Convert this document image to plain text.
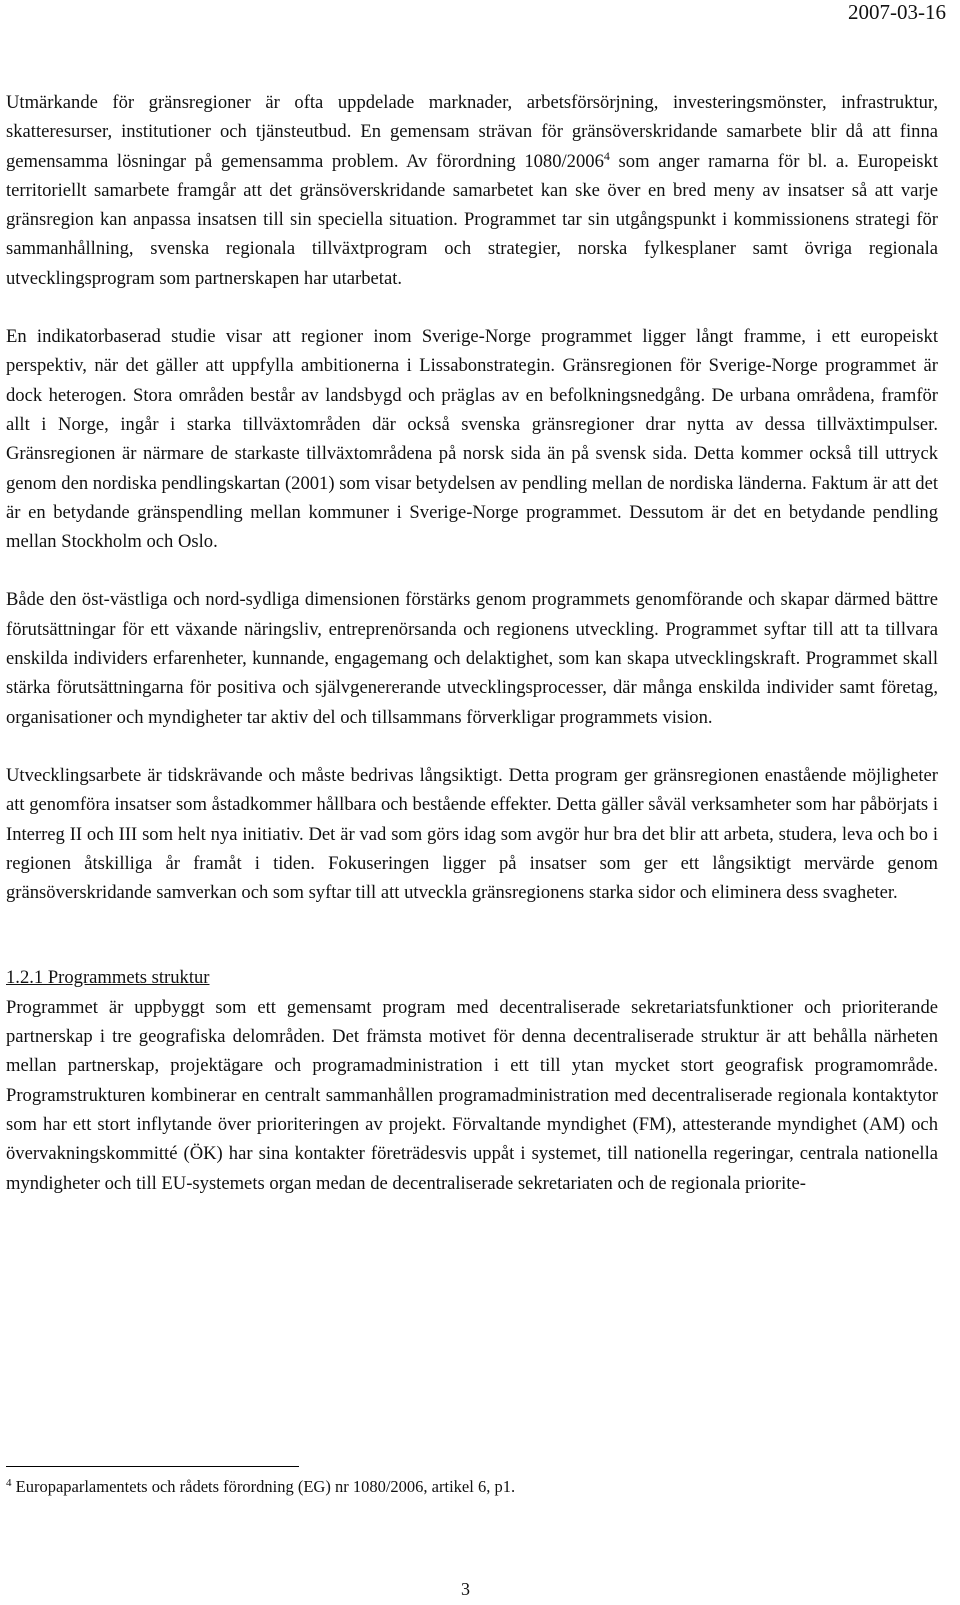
2007-03-16

Utmärkande för gränsregioner är ofta uppdelade marknader, arbetsförsörjning, investeringsmönster, infrastruktur, skatteresurser, institutioner och tjänsteutbud. En gemensam strävan för gränsöverskridande samarbete blir då att finna gemensamma lösningar på gemensamma problem. Av förordning 1080/2006$^4$ som anger ramarna för bl. a. Europeiskt territoriellt samarbete framgår att det gränsöverskridande samarbetet kan ske över en bred meny av insatser så att varje gränsregion kan anpassa insatsen till sin speciella situation. Programmet tar sin utgångspunkt i kommissionens strategi för sammanhållning, svenska regionala tillväxtprogram och strategier, norska fylkesplaner samt övriga regionala utvecklingsprogram som partnerskapen har utarbetat.

En indikatorbaserad studie visar att regioner inom Sverige-Norge programmet ligger långt framme, i ett europeiskt perspektiv, när det gäller att uppfylla ambitionerna i Lissabonstrategin. Gränsregionen för Sverige-Norge programmet är dock heterogen. Stora områden består av landsbygd och präglas av en befolkningsnedgång. De urbana områdena, framför allt i Norge, ingår i starka tillväxtområden där också svenska gränsregioner drar nytta av dessa tillväxtimpulser. Gränsregionen är närmare de starkaste tillväxtområdena på norsk sida än på svensk sida. Detta kommer också till uttryck genom den nordiska pendlingskartan (2001) som visar betydelsen av pendling mellan de nordiska länderna. Faktum är att det är en betydande gränspendling mellan kommuner i Sverige-Norge programmet. Dessutom är det en betydande pendling mellan Stockholm och Oslo.

Både den öst-västliga och nord-sydliga dimensionen förstärks genom programmets genomförande och skapar därmed bättre förutsättningar för ett växande näringsliv, entreprenörsanda och regionens utveckling. Programmet syftar till att ta tillvara enskilda individers erfarenheter, kunnande, engagemang och delaktighet, som kan skapa utvecklingskraft. Programmet skall stärka förutsättningarna för positiva och självgenererande utvecklingsprocesser, där många enskilda individer samt företag, organisationer och myndigheter tar aktiv del och tillsammans förverkligar programmets vision.

Utvecklingsarbete är tidskrävande och måste bedrivas långsiktigt. Detta program ger gränsregionen enastående möjligheter att genomföra insatser som åstadkommer hållbara och bestående effekter. Detta gäller såväl verksamheter som har påbörjats i Interreg II och III som helt nya initiativ. Det är vad som görs idag som avgör hur bra det blir att arbeta, studera, leva och bo i regionen åtskilliga år framåt i tiden. Fokuseringen ligger på insatser som ger ett långsiktigt mervärde genom gränsöverskridande samverkan och som syftar till att utveckla gränsregionens starka sidor och eliminera dess svagheter.

1.2.1 Programmets struktur

Programmet är uppbyggt som ett gemensamt program med decentraliserade sekretariatsfunktioner och prioriterande partnerskap i tre geografiska delområden. Det främsta motivet för denna decentraliserade struktur är att behålla närheten mellan partnerskap, projektägare och programadministration i ett till ytan mycket stort geografisk programområde. Programstrukturen kombinerar en centralt sammanhållen programadministration med decentraliserade regionala kontaktytor som har ett stort inflytande över prioriteringen av projekt. Förvaltande myndighet (FM), attesterande myndighet (AM) och övervakningskommitté (ÖK) har sina kontakter företrädesvis uppåt i systemet, till nationella regeringar, centrala nationella myndigheter och till EU-systemets organ medan de decentraliserade sekretariaten och de regionala priorite-

$^4$ Europaparlamentets och rådets förordning (EG) nr 1080/2006, artikel 6, p1.
3
